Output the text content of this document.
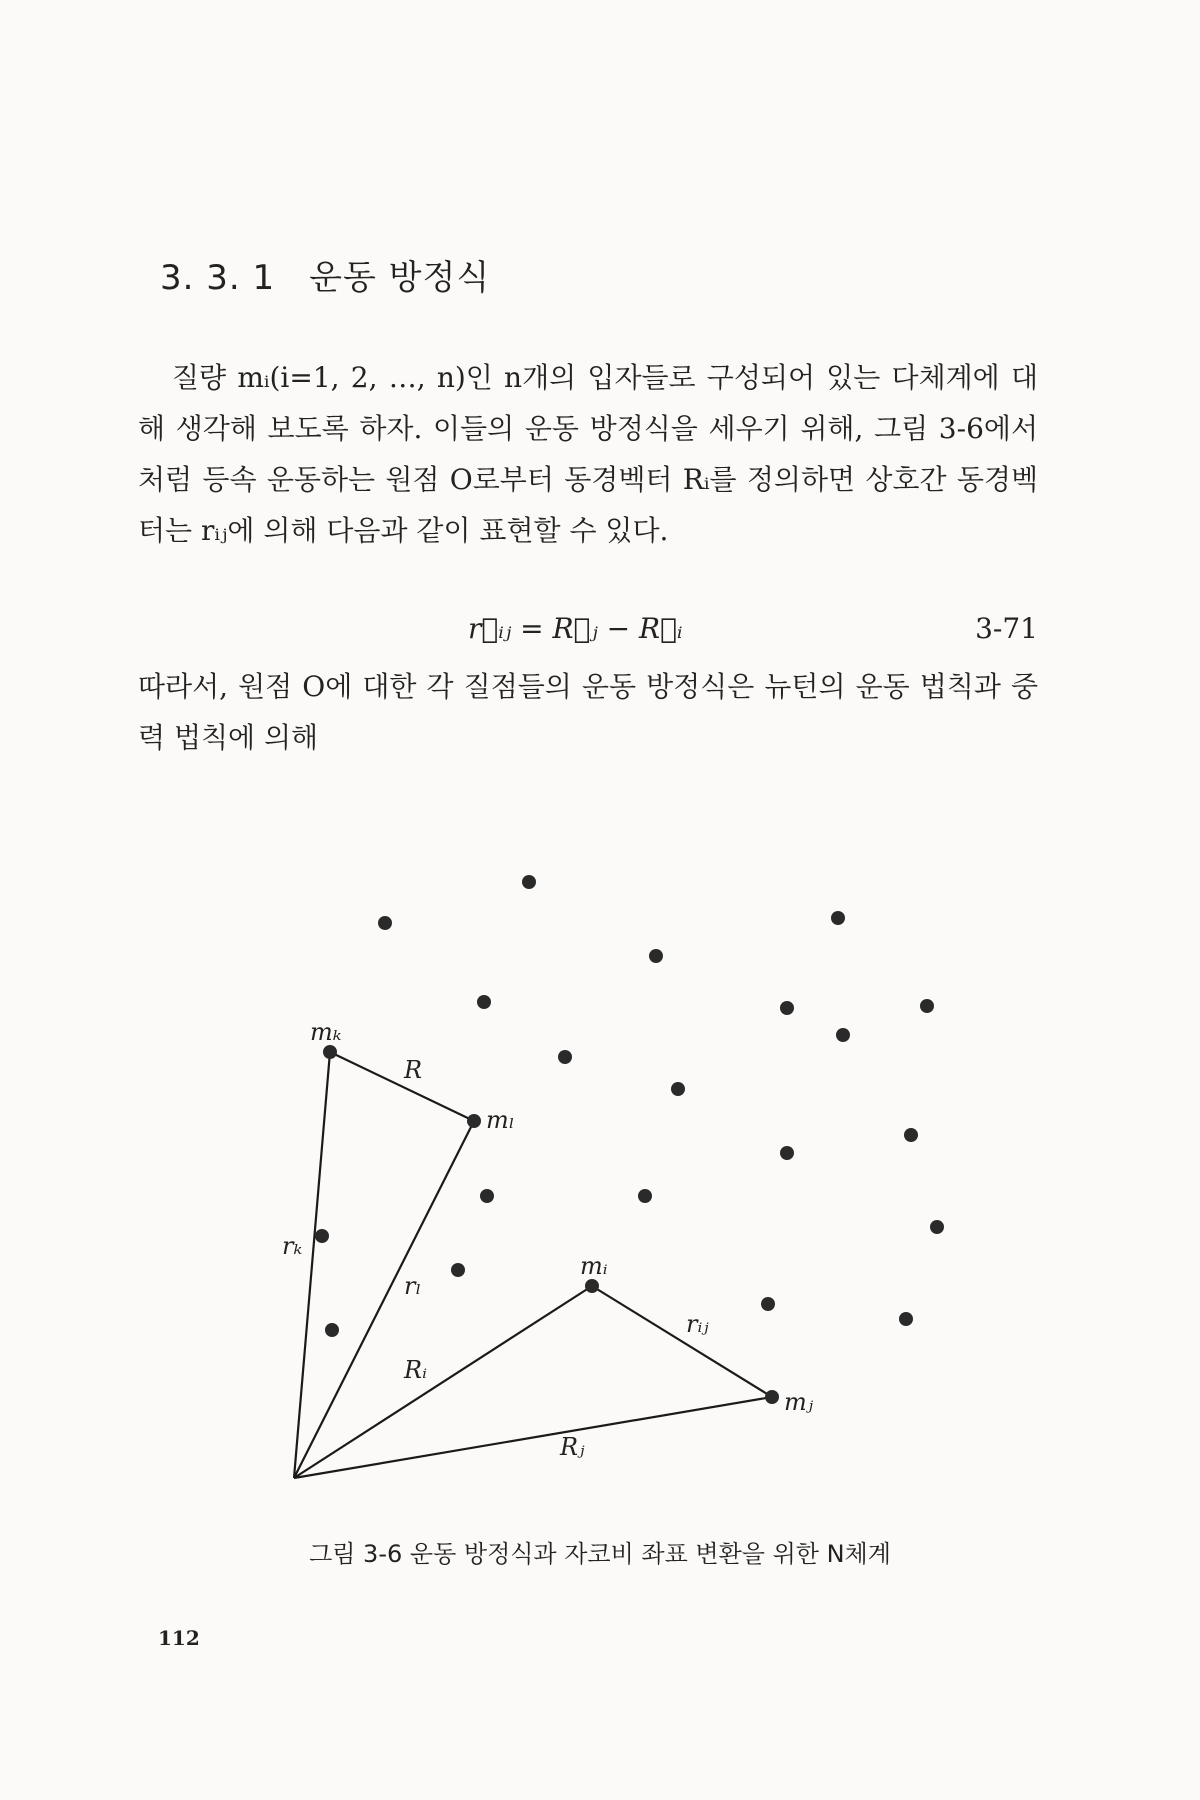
3. 3. 1 운동 방정식
질량 mᵢ(i=1, 2, …, n)인 n개의 입자들로 구성되어 있는 다체계에 대해 생각해 보도록 하자. 이들의 운동 방정식을 세우기 위해, 그림 3-6에서처럼 등속 운동하는 원점 O로부터 동경벡터 Rᵢ를 정의하면 상호간 동경벡터는 rᵢⱼ에 의해 다음과 같이 표현할 수 있다.
r⃗ᵢⱼ = R⃗ⱼ − R⃗ᵢ	3-71
따라서, 원점 O에 대한 각 질점들의 운동 방정식은 뉴턴의 운동 법칙과 중력 법칙에 의해
mₖ
R
mₗ
rₖ
rₗ
mᵢ
rᵢⱼ
Rᵢ
mⱼ
Rⱼ
그림 3-6 운동 방정식과 자코비 좌표 변환을 위한 N체계
112
